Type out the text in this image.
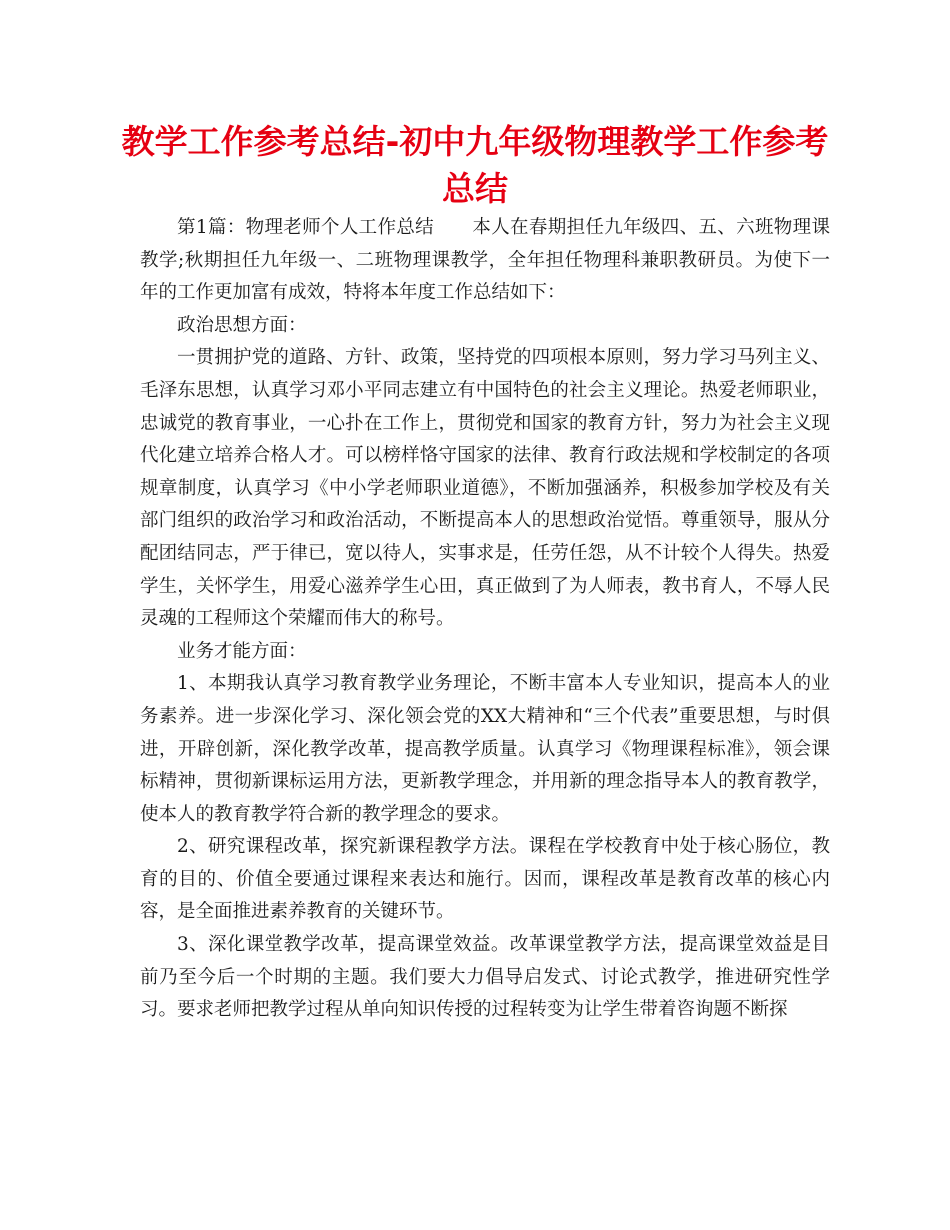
教学工作参考总结-初中九年级物理教学工作参考总结

第1篇：物理老师个人工作总结 本人在春期担任九年级四、五、六班物理课教学;秋期担任九年级一、二班物理课教学，全年担任物理科兼职教研员。为使下一年的工作更加富有成效，特将本年度工作总结如下：

政治思想方面：

一贯拥护党的道路、方针、政策，坚持党的四项根本原则，努力学习马列主义、毛泽东思想，认真学习邓小平同志建立有中国特色的社会主义理论。热爱老师职业，忠诚党的教育事业，一心扑在工作上，贯彻党和国家的教育方针，努力为社会主义现代化建立培养合格人才。可以榜样恪守国家的法律、教育行政法规和学校制定的各项规章制度，认真学习《中小学老师职业道德》，不断加强涵养，积极参加学校及有关部门组织的政治学习和政治活动，不断提高本人的思想政治觉悟。尊重领导，服从分配团结同志，严于律已，宽以待人，实事求是，任劳任怨，从不计较个人得失。热爱学生，关怀学生，用爱心滋养学生心田，真正做到了为人师表，教书育人，不辱人民灵魂的工程师这个荣耀而伟大的称号。

业务才能方面：

1、本期我认真学习教育教学业务理论，不断丰富本人专业知识，提高本人的业务素养。进一步深化学习、深化领会党的XX大精神和“三个代表”重要思想，与时俱进，开辟创新，深化教学改革，提高教学质量。认真学习《物理课程标准》，领会课标精神，贯彻新课标运用方法，更新教学理念，并用新的理念指导本人的教育教学，使本人的教育教学符合新的教学理念的要求。

2、研究课程改革，探究新课程教学方法。课程在学校教育中处于核心肠位，教育的目的、价值全要通过课程来表达和施行。因而，课程改革是教育改革的核心内容，是全面推进素养教育的关键环节。

3、深化课堂教学改革，提高课堂效益。改革课堂教学方法，提高课堂效益是目前乃至今后一个时期的主题。我们要大力倡导启发式、讨论式教学，推进研究性学习。要求老师把教学过程从单向知识传授的过程转变为让学生带着咨询题不断探
